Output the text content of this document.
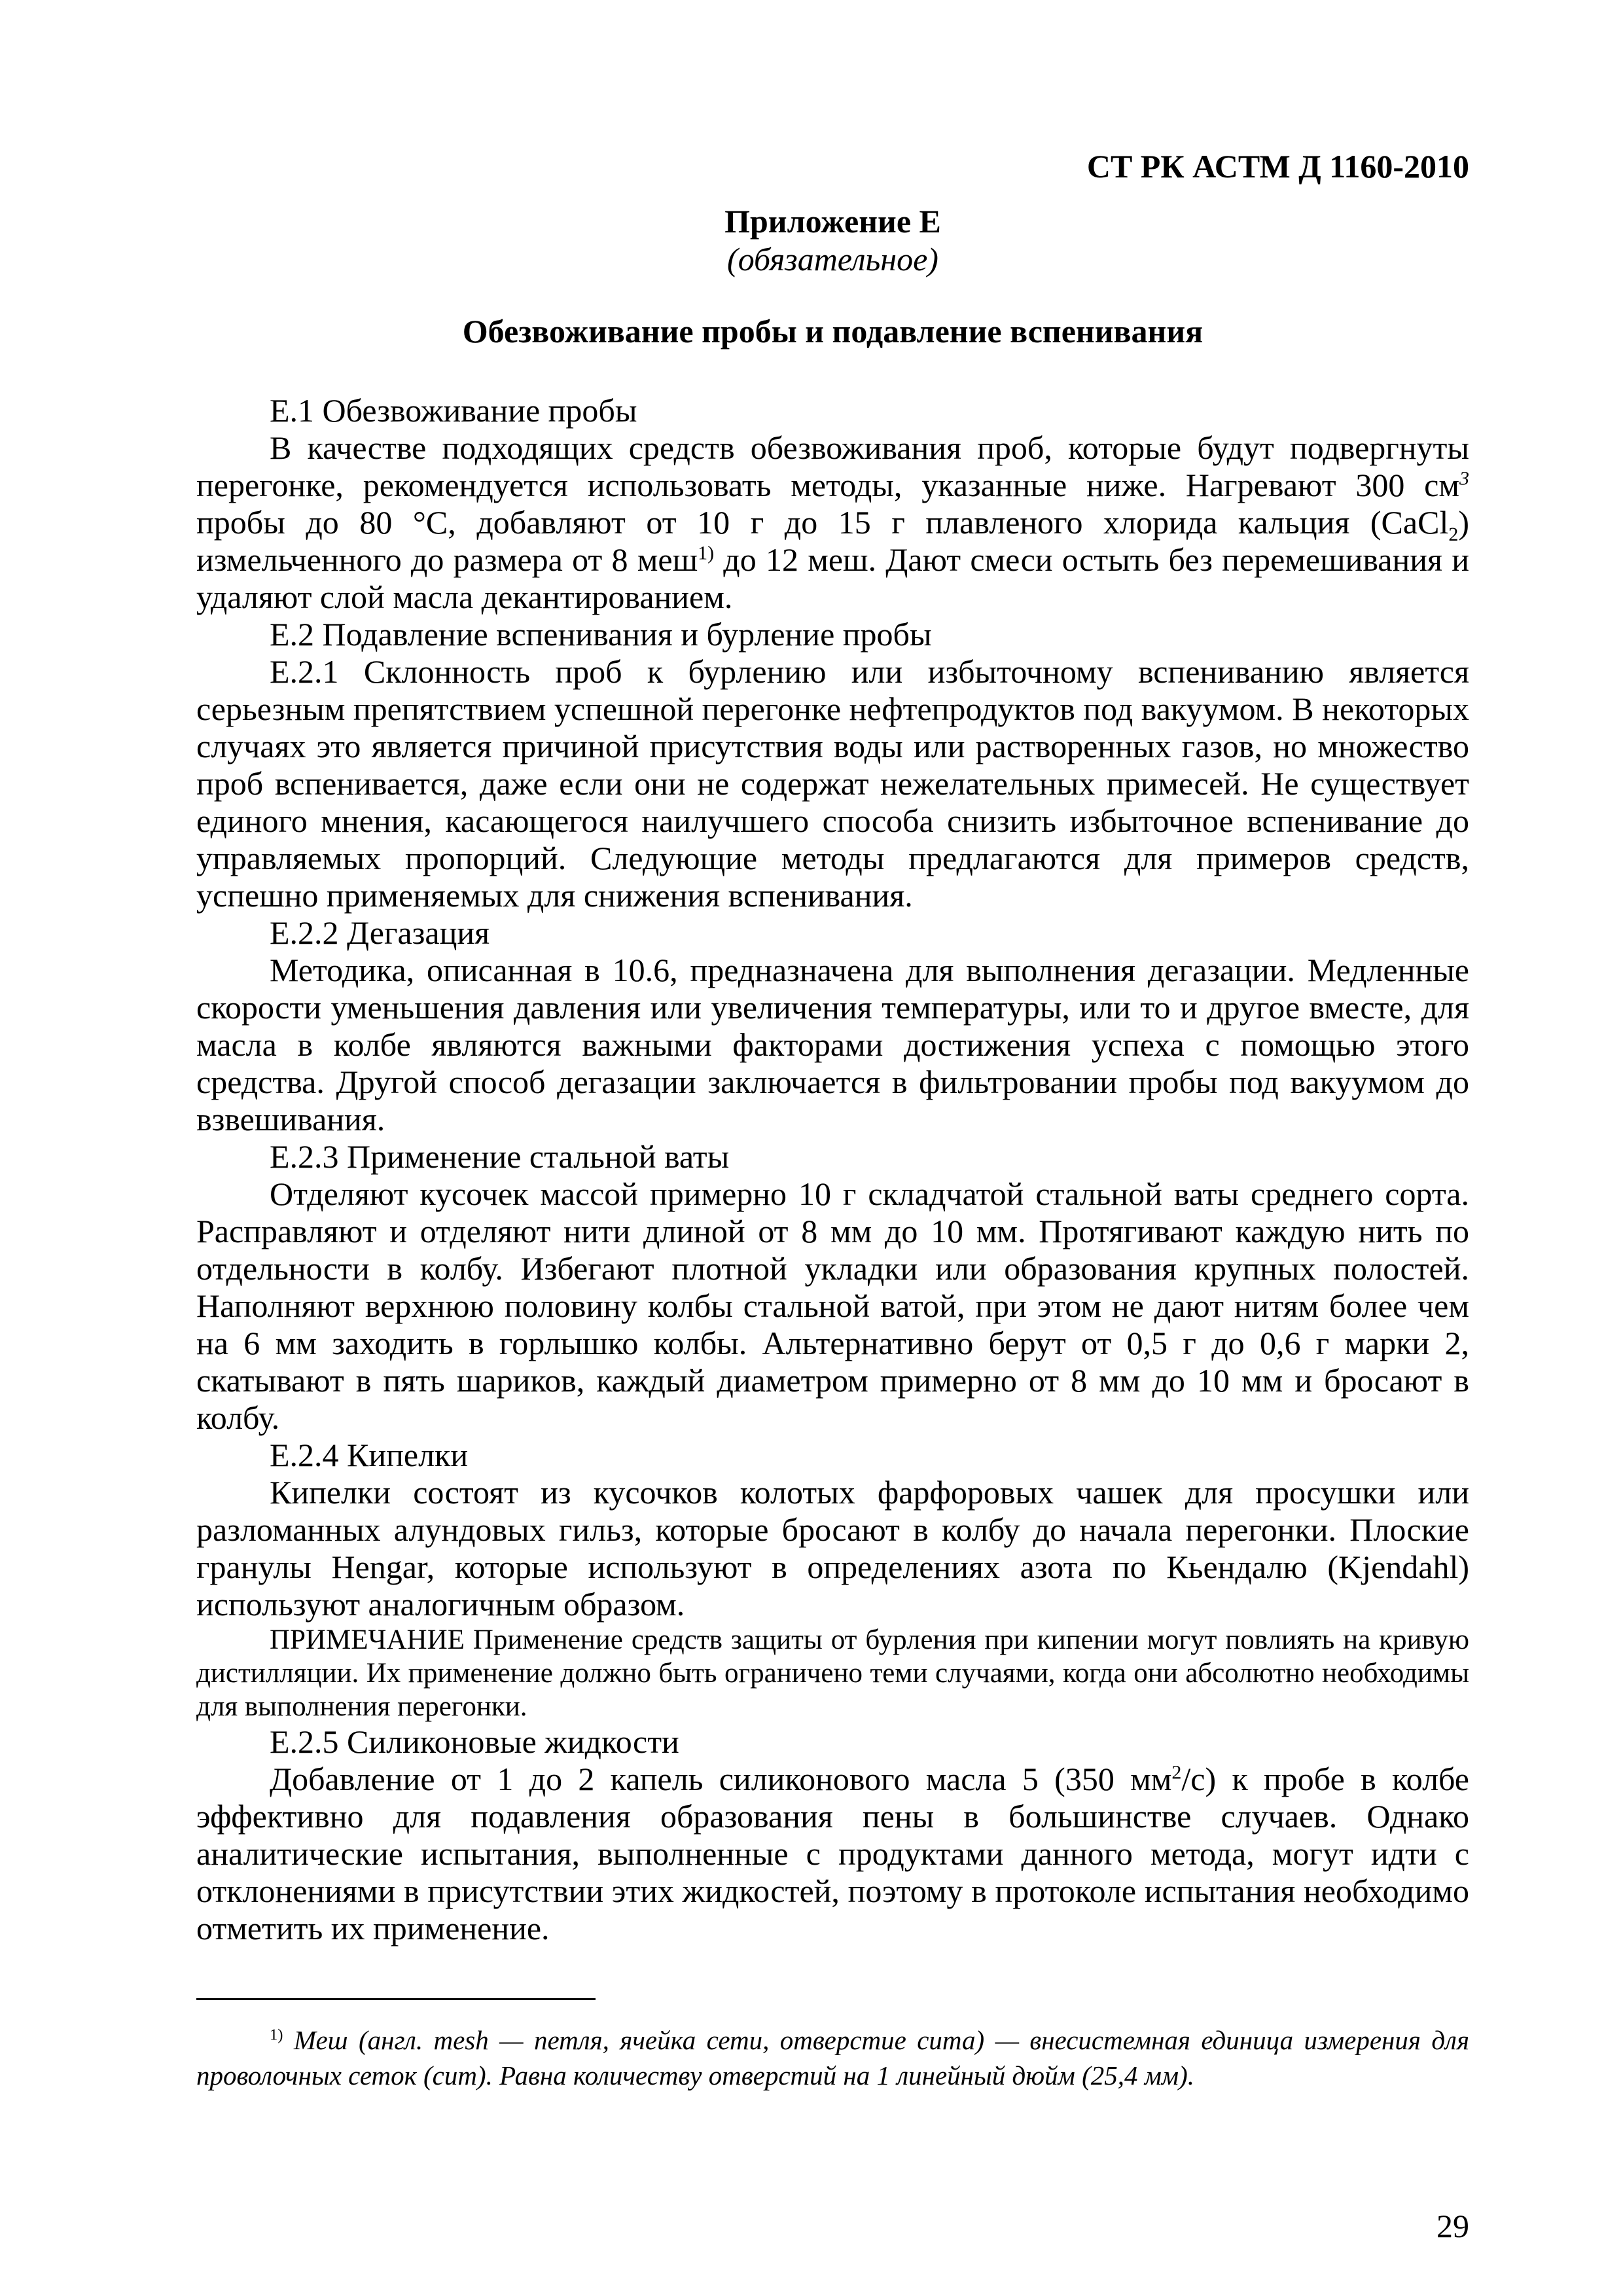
СТ РК АСТМ Д 1160-2010
Приложение Е
(обязательное)
Обезвоживание пробы и подавление вспенивания

Е.1 Обезвоживание пробы

В качестве подходящих средств обезвоживания проб, которые будут подвергнуты перегонке, рекомендуется использовать методы, указанные ниже. Нагревают 300 $см^3$ пробы до 80 °С, добавляют от 10 г до 15 г плавленого хлорида кальция (CaCl$_2$) измельченного до размера от 8 меш$^{1)}$ до 12 меш. Дают смеси остыть без перемешивания и удаляют слой масла декантированием.

Е.2 Подавление вспенивания и бурление пробы

Е.2.1 Склонность проб к бурлению или избыточному вспениванию является серьезным препятствием успешной перегонке нефтепродуктов под вакуумом. В некоторых случаях это является причиной присутствия воды или растворенных газов, но множество проб вспенивается, даже если они не содержат нежелательных примесей. Не существует единого мнения, касающегося наилучшего способа снизить избыточное вспенивание до управляемых пропорций. Следующие методы предлагаются для примеров средств, успешно применяемых для снижения вспенивания.

Е.2.2 Дегазация

Методика, описанная в 10.6, предназначена для выполнения дегазации. Медленные скорости уменьшения давления или увеличения температуры, или то и другое вместе, для масла в колбе являются важными факторами достижения успеха с помощью этого средства. Другой способ дегазации заключается в фильтровании пробы под вакуумом до взвешивания.

Е.2.3 Применение стальной ваты

Отделяют кусочек массой примерно 10 г складчатой стальной ваты среднего сорта. Расправляют и отделяют нити длиной от 8 мм до 10 мм. Протягивают каждую нить по отдельности в колбу. Избегают плотной укладки или образования крупных полостей. Наполняют верхнюю половину колбы стальной ватой, при этом не дают нитям более чем на 6 мм заходить в горлышко колбы. Альтернативно берут от 0,5 г до 0,6 г марки 2, скатывают в пять шариков, каждый диаметром примерно от 8 мм до 10 мм и бросают в колбу.

Е.2.4 Кипелки

Кипелки состоят из кусочков колотых фарфоровых чашек для просушки или разломанных алундовых гильз, которые бросают в колбу до начала перегонки. Плоские гранулы Hengar, которые используют в определениях азота по Кьендалю (Kjendahl) используют аналогичным образом.

ПРИМЕЧАНИЕ Применение средств защиты от бурления при кипении могут повлиять на кривую дистилляции. Их применение должно быть ограничено теми случаями, когда они абсолютно необходимы для выполнения перегонки.

Е.2.5 Силиконовые жидкости

Добавление от 1 до 2 капель силиконового масла 5 (350 $мм^2/с$) к пробе в колбе эффективно для подавления образования пены в большинстве случаев. Однако аналитические испытания, выполненные с продуктами данного метода, могут идти с отклонениями в присутствии этих жидкостей, поэтому в протоколе испытания необходимо отметить их применение.

$^{1)}$ Меш (англ. mesh — петля, ячейка сети, отверстие сита) — внесистемная единица измерения для проволочных сеток (сит). Равна количеству отверстий на 1 линейный дюйм (25,4 мм).
29
